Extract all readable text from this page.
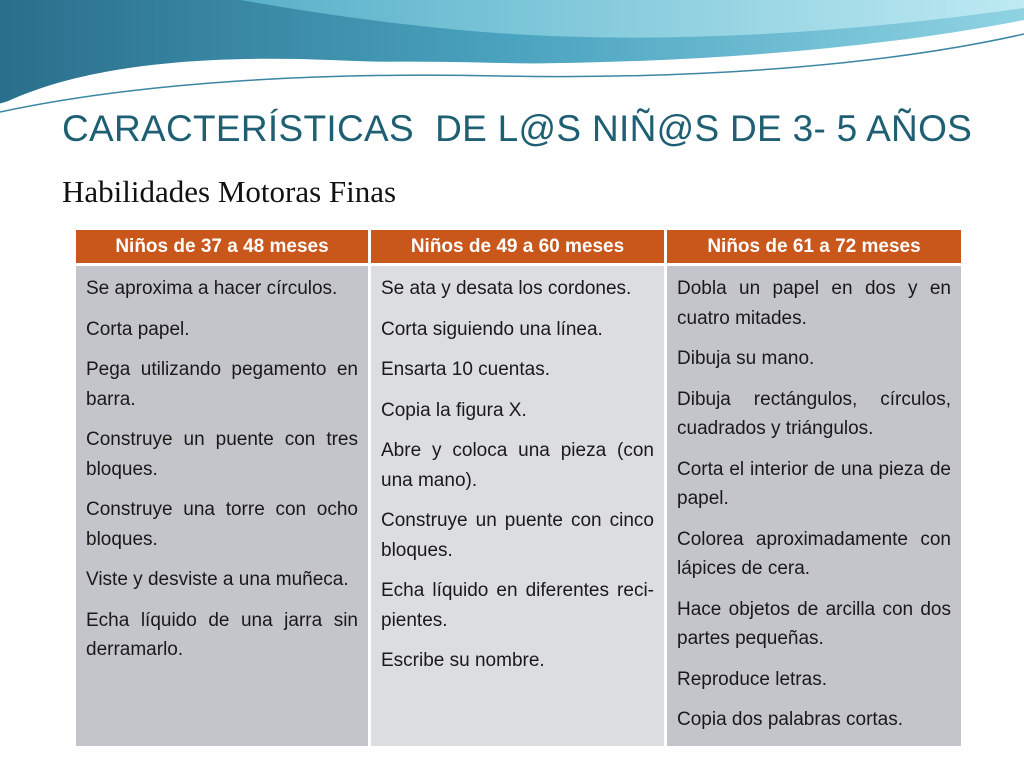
CARACTERÍSTICAS  DE L@S NIÑ@S DE 3- 5 AÑOS
Habilidades Motoras Finas
Niños de 37 a 48 meses
Se aproxima a hacer círculos.
Corta papel.
Pega utilizando pegamento en barra.
Construye un puente con tres bloques.
Construye una torre con ocho bloques.
Viste y desviste a una muñeca.
Echa líquido de una jarra sin derramarlo.
Niños de 49 a 60 meses
Se ata y desata los cordones.
Corta siguiendo una línea.
Ensarta 10 cuentas.
Copia la figura X.
Abre y coloca una pieza (con una mano).
Construye un puente con cinco bloques.
Echa líquido en diferentes recipientes.
Escribe su nombre.
Niños de 61 a 72 meses
Dobla un papel en dos y en cuatro mitades.
Dibuja su mano.
Dibuja rectángulos, círculos, cuadrados y triángulos.
Corta el interior de una pieza de papel.
Colorea aproximadamente con lápices de cera.
Hace objetos de arcilla con dos partes pequeñas.
Reproduce letras.
Copia dos palabras cortas.
